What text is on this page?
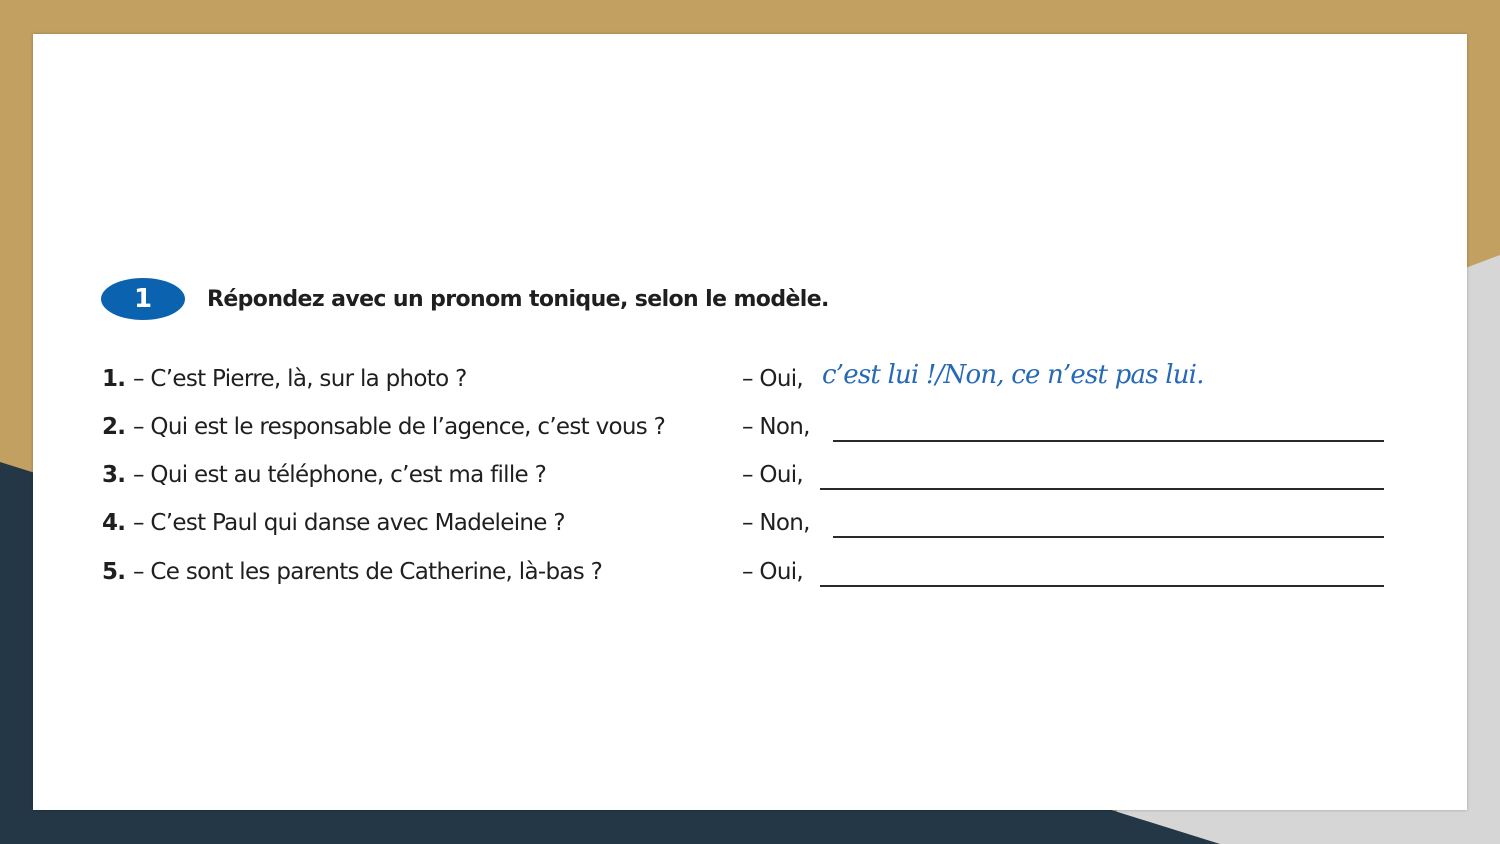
1 Répondez avec un pronom tonique, selon le modèle.
1. – C’est Pierre, là, sur la photo ?	– Oui, c’est lui !/Non, ce n’est pas lui.
2. – Qui est le responsable de l’agence, c’est vous ?	– Non,
3. – Qui est au téléphone, c’est ma fille ?	– Oui,
4. – C’est Paul qui danse avec Madeleine ?	– Non,
5. – Ce sont les parents de Catherine, là-bas ?	– Oui,
